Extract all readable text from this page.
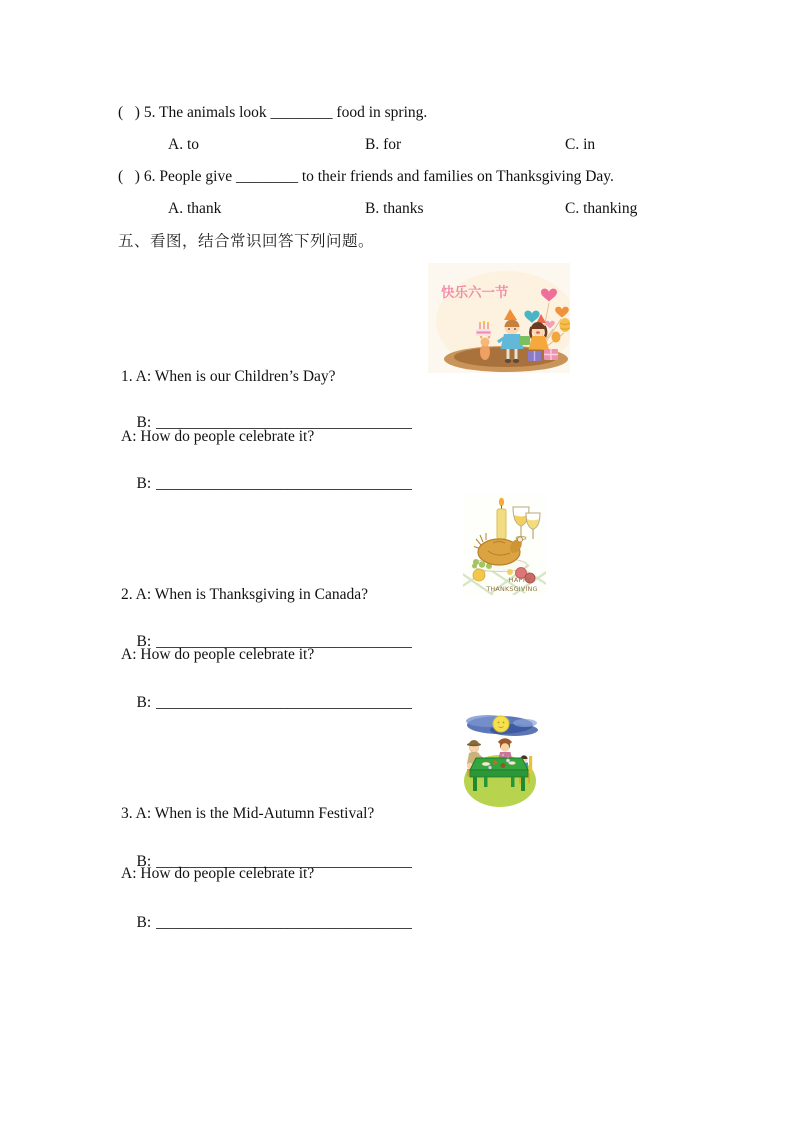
(   ) 5. The animals look ________ food in spring.
A. to	B. for	C. in
(   ) 6. People give ________ to their friends and families on Thanksgiving Day.
A. thank	B. thanks	C. thanking
五、看图，结合常识回答下列问题。
快乐六一节
1. A: When is our Children’s Day?

B: _________________________________

A: How do people celebrate it?

B: _________________________________

HAPPY
THANKSGIVING
2. A: When is Thanksgiving in Canada?

B: _________________________________

A: How do people celebrate it?

B: _________________________________

3. A: When is the Mid-Autumn Festival?

B: _________________________________

A: How do people celebrate it?

B: _________________________________
